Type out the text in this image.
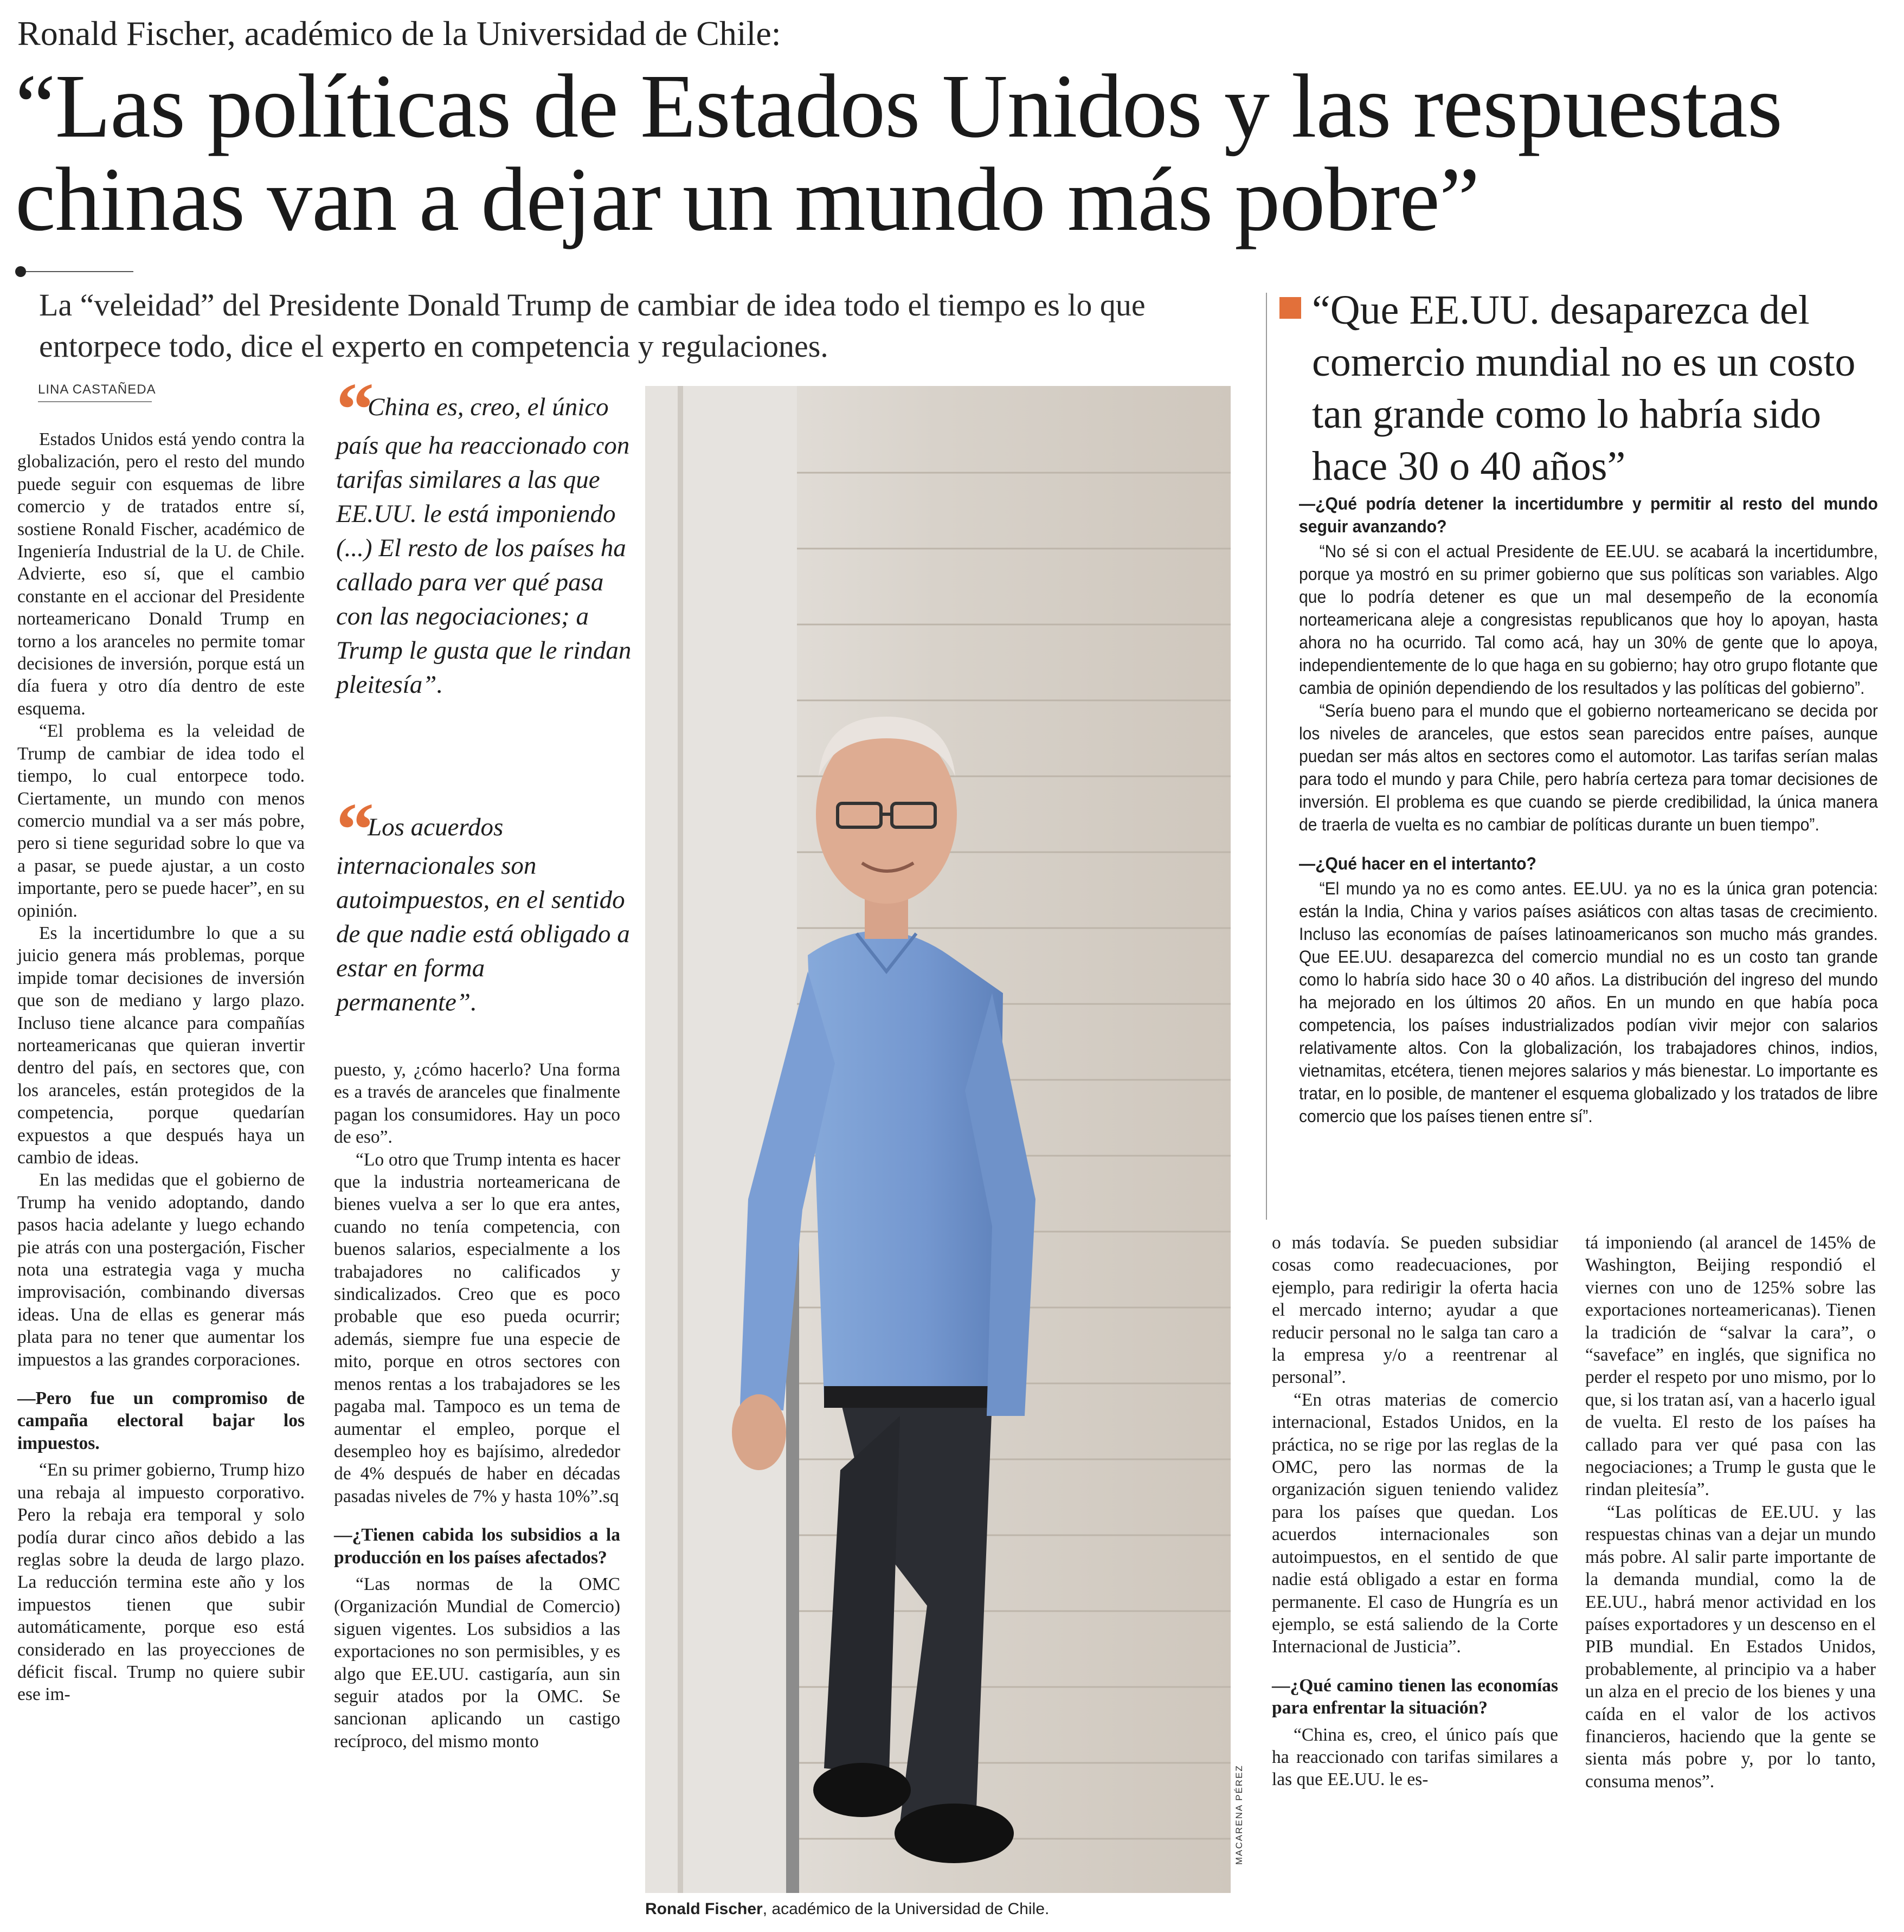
Ronald Fischer, académico de la Universidad de Chile:
“Las políticas de Estados Unidos y las respuestas chinas van a dejar un mundo más pobre”
La “veleidad” del Presidente Donald Trump de cambiar de idea todo el tiempo es lo que entorpece todo, dice el experto en competencia y regulaciones.
LINA CASTAÑEDA

Estados Unidos está yendo contra la globalización, pero el resto del mundo puede seguir con esquemas de libre comercio y de tratados entre sí, sostiene Ronald Fischer, académico de Ingeniería Industrial de la U. de Chile. Advierte, eso sí, que el cambio constante en el accionar del Presidente norteamericano Donald Trump en torno a los aranceles no permite tomar decisiones de inversión, porque está un día fuera y otro día dentro de este esquema.

“El problema es la veleidad de Trump de cambiar de idea todo el tiempo, lo cual entorpece todo. Ciertamente, un mundo con menos comercio mundial va a ser más pobre, pero si tiene seguridad sobre lo que va a pasar, se puede ajustar, a un costo importante, pero se puede hacer”, en su opinión.

Es la incertidumbre lo que a su juicio genera más problemas, porque impide tomar decisiones de inversión que son de mediano y largo plazo. Incluso tiene alcance para compañías norteamericanas que quieran invertir dentro del país, en sectores que, con los aranceles, están protegidos de la competencia, porque quedarían expuestos a que después haya un cambio de ideas.

En las medidas que el gobierno de Trump ha venido adoptando, dando pasos hacia adelante y luego echando pie atrás con una postergación, Fischer nota una estrategia vaga y mucha improvisación, combinando diversas ideas. Una de ellas es generar más plata para no tener que aumentar los impuestos a las grandes corporaciones.

—Pero fue un compromiso de campaña electoral bajar los impuestos.

“En su primer gobierno, Trump hizo una rebaja al impuesto corporativo. Pero la rebaja era temporal y solo podía durar cinco años debido a las reglas sobre la deuda de largo plazo. La reducción termina este año y los impuestos tienen que subir automáticamente, porque eso está considerado en las proyecciones de déficit fiscal. Trump no quiere subir ese im-

“ China es, creo, el único país que ha reaccionado con tarifas similares a las que EE.UU. le está imponiendo (...) El resto de los países ha callado para ver qué pasa con las negociaciones; a Trump le gusta que le rindan pleitesía”.
“ Los acuerdos internacionales son autoimpuestos, en el sentido de que nadie está obligado a estar en forma permanente”.

puesto, y, ¿cómo hacerlo? Una forma es a través de aranceles que finalmente pagan los consumidores. Hay un poco de eso”.

“Lo otro que Trump intenta es hacer que la industria norteamericana de bienes vuelva a ser lo que era antes, cuando no tenía competencia, con buenos salarios, especialmente a los trabajadores no calificados y sindicalizados. Creo que es poco probable que eso pueda ocurrir; además, siempre fue una especie de mito, porque en otros sectores con menos rentas a los trabajadores se les pagaba mal. Tampoco es un tema de aumentar el empleo, porque el desempleo hoy es bajísimo, alrededor de 4% después de haber en décadas pasadas niveles de 7% y hasta 10%”.sq

—¿Tienen cabida los subsidios a la producción en los países afectados?

“Las normas de la OMC (Organización Mundial de Comercio) siguen vigentes. Los subsidios a las exportaciones no son permisibles, y es algo que EE.UU. castigaría, aun sin seguir atados por la OMC. Se sancionan aplicando un castigo recíproco, del mismo monto

MACARENA PÉREZ
Ronald Fischer, académico de la Universidad de Chile.
“Que EE.UU. desaparezca del comercio mundial no es un costo tan grande como lo habría sido hace 30 o 40 años”

—¿Qué podría detener la incertidumbre y permitir al resto del mundo seguir avanzando?

“No sé si con el actual Presidente de EE.UU. se acabará la incertidumbre, porque ya mostró en su primer gobierno que sus políticas son variables. Algo que lo podría detener es que un mal desempeño de la economía norteamericana aleje a congresistas republicanos que hoy lo apoyan, hasta ahora no ha ocurrido. Tal como acá, hay un 30% de gente que lo apoya, independientemente de lo que haga en su gobierno; hay otro grupo flotante que cambia de opinión dependiendo de los resultados y las políticas del gobierno”.

“Sería bueno para el mundo que el gobierno norteamericano se decida por los niveles de aranceles, que estos sean parecidos entre países, aunque puedan ser más altos en sectores como el automotor. Las tarifas serían malas para todo el mundo y para Chile, pero habría certeza para tomar decisiones de inversión. El problema es que cuando se pierde credibilidad, la única manera de traerla de vuelta es no cambiar de políticas durante un buen tiempo”.

—¿Qué hacer en el intertanto?

“El mundo ya no es como antes. EE.UU. ya no es la única gran potencia: están la India, China y varios países asiáticos con altas tasas de crecimiento. Incluso las economías de países latinoamericanos son mucho más grandes. Que EE.UU. desaparezca del comercio mundial no es un costo tan grande como lo habría sido hace 30 o 40 años. La distribución del ingreso del mundo ha mejorado en los últimos 20 años. En un mundo en que había poca competencia, los países industrializados podían vivir mejor con salarios relativamente altos. Con la globalización, los trabajadores chinos, indios, vietnamitas, etcétera, tienen mejores salarios y más bienestar. Lo importante es tratar, en lo posible, de mantener el esquema globalizado y los tratados de libre comercio que los países tienen entre sí”.

o más todavía. Se pueden subsidiar cosas como readecuaciones, por ejemplo, para redirigir la oferta hacia el mercado interno; ayudar a que reducir personal no le salga tan caro a la empresa y/o a reentrenar al personal”.

“En otras materias de comercio internacional, Estados Unidos, en la práctica, no se rige por las reglas de la OMC, pero las normas de la organización siguen teniendo validez para los países que quedan. Los acuerdos internacionales son autoimpuestos, en el sentido de que nadie está obligado a estar en forma permanente. El caso de Hungría es un ejemplo, se está saliendo de la Corte Internacional de Justicia”.

—¿Qué camino tienen las economías para enfrentar la situación?

“China es, creo, el único país que ha reaccionado con tarifas similares a las que EE.UU. le es-

tá imponiendo (al arancel de 145% de Washington, Beijing respondió el viernes con uno de 125% sobre las exportaciones norteamericanas). Tienen la tradición de “salvar la cara”, o “saveface” en inglés, que significa no perder el respeto por uno mismo, por lo que, si los tratan así, van a hacerlo igual de vuelta. El resto de los países ha callado para ver qué pasa con las negociaciones; a Trump le gusta que le rindan pleitesía”.

“Las políticas de EE.UU. y las respuestas chinas van a dejar un mundo más pobre. Al salir parte importante de la demanda mundial, como la de EE.UU., habrá menor actividad en los países exportadores y un descenso en el PIB mundial. En Estados Unidos, probablemente, al principio va a haber un alza en el precio de los bienes y una caída en el valor de los activos financieros, haciendo que la gente se sienta más pobre y, por lo tanto, consuma menos”.
